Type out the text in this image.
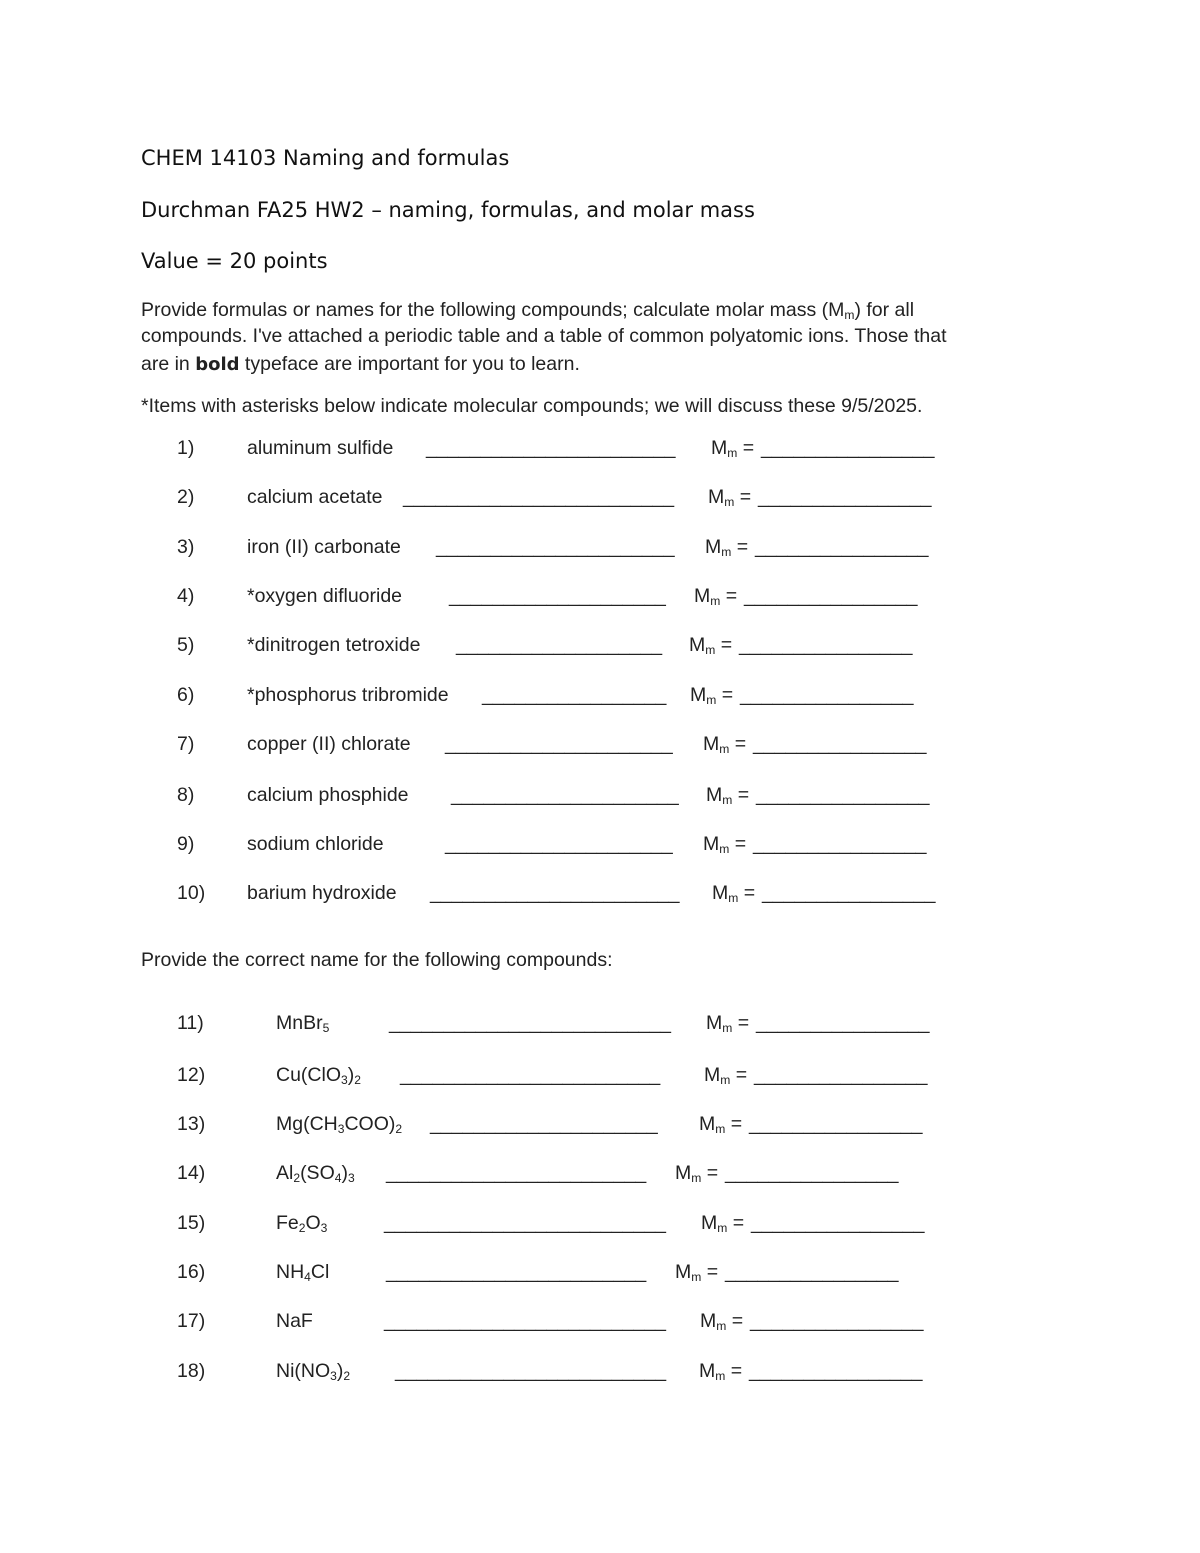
CHEM 14103 Naming and formulas
Durchman FA25 HW2 – naming, formulas, and molar mass
Value = 20 points
Provide formulas or names for the following compounds; calculate molar mass $(M_m)$ for all
compounds. I've attached a periodic table and a table of common polyatomic ions. Those that
are in bold typeface are important for you to learn.
*Items with asterisks below indicate molecular compounds; we will discuss these 9/5/2025.
1)	aluminum sulfide _______________________ $M_m$ = ________________
2)	calcium acetate _________________________ $M_m$ = ________________
3)	iron (II) carbonate ______________________ $M_m$ = ________________
4)	*oxygen difluoride ____________________ $M_m$ = ________________
5)	*dinitrogen tetroxide ___________________ $M_m$ = ________________
6)	*phosphorus tribromide _________________ $M_m$ = ________________
7)	copper (II) chlorate _____________________ $M_m$ = ________________
8)	calcium phosphide _____________________ $M_m$ = ________________
9)	sodium chloride	_____________________ $M_m$ = ________________
10) barium hydroxide _______________________ $M_m$ = ________________
Provide the correct name for the following compounds:
11)	MnBr$_5$	__________________________ $M_m$ = ________________
12)	$Cu(ClO_3)_2$ ________________________ $M_m$ = ________________
13)	$Mg(CH_3COO)_2$ _____________________ $M_m$ = ________________
14)	$Al_2(SO_4)_3$ ________________________ $M_m$ = ________________
15)	$Fe_2O_3$	__________________________ $M_m$ = ________________
16)	$NH_4Cl$	________________________ $M_m$ = ________________
17)	NaF	__________________________ $M_m$ = ________________
18)	$Ni(NO_3)_2$ _________________________ $M_m$ = ________________
